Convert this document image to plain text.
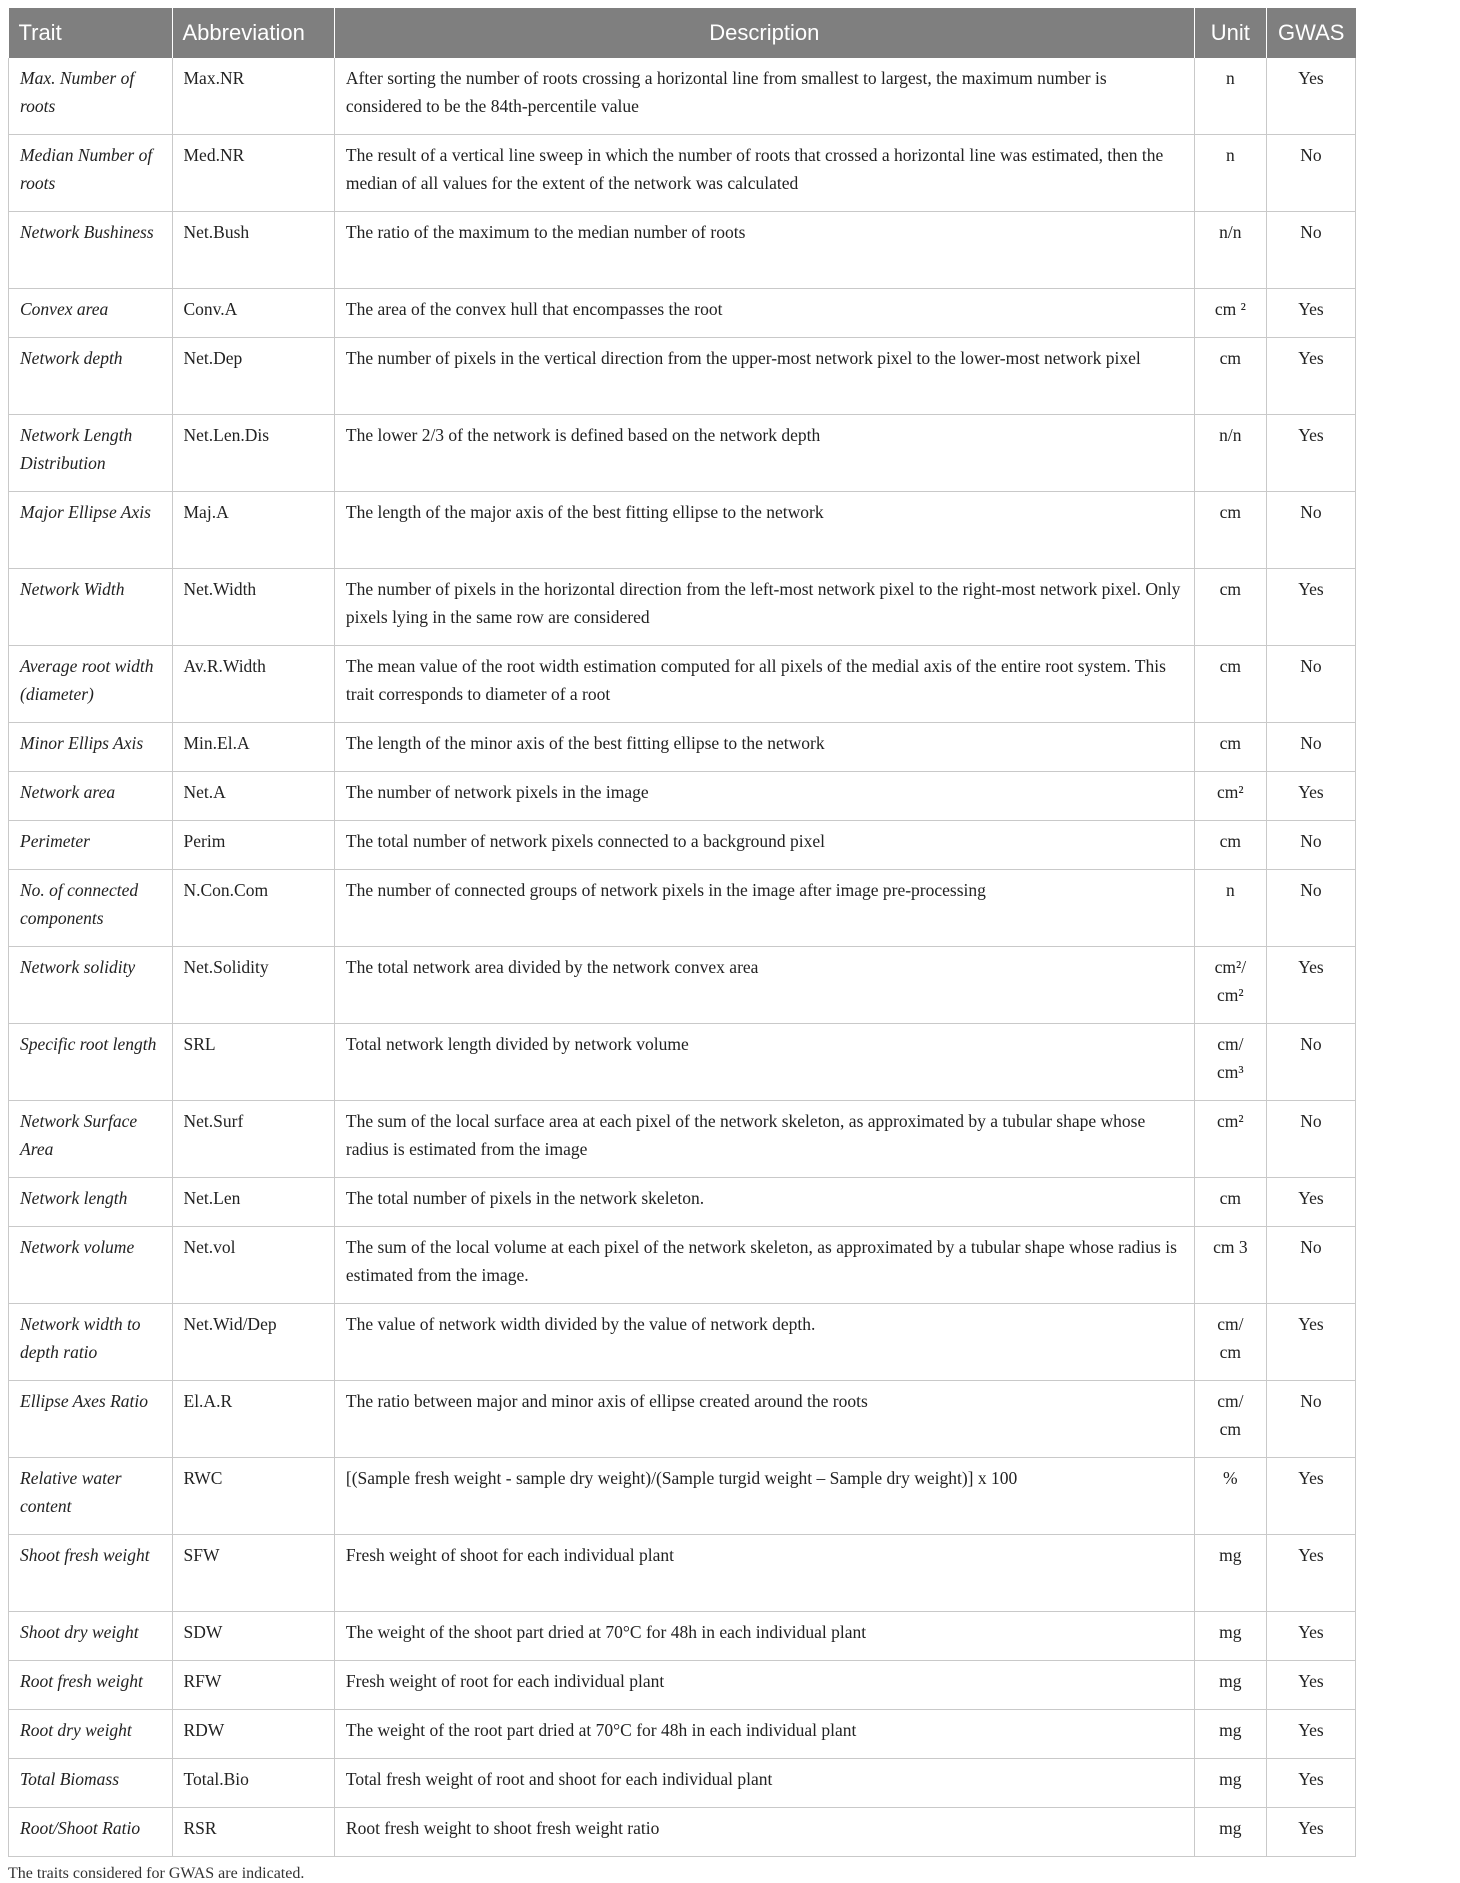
Trait	Abbreviation	Description	Unit	GWAS
Max. Number of roots	Max.NR	After sorting the number of roots crossing a horizontal line from smallest to largest, the maximum number is considered to be the 84th-percentile value	n	Yes
Median Number of roots	Med.NR	The result of a vertical line sweep in which the number of roots that crossed a horizontal line was estimated, then the median of all values for the extent of the network was calculated	n	No
Network Bushiness	Net.Bush	The ratio of the maximum to the median number of roots	n/n	No
Convex area	Conv.A	The area of the convex hull that encompasses the root	cm ²	Yes
Network depth	Net.Dep	The number of pixels in the vertical direction from the upper-most network pixel to the lower-most network pixel	cm	Yes
Network Length Distribution	Net.Len.Dis	The lower 2/3 of the network is defined based on the network depth	n/n	Yes
Major Ellipse Axis	Maj.A	The length of the major axis of the best fitting ellipse to the network	cm	No
Network Width	Net.Width	The number of pixels in the horizontal direction from the left-most network pixel to the right-most network pixel. Only pixels lying in the same row are considered	cm	Yes
Average root width (diameter)	Av.R.Width	The mean value of the root width estimation computed for all pixels of the medial axis of the entire root system. This trait corresponds to diameter of a root	cm	No
Minor Ellips Axis	Min.El.A	The length of the minor axis of the best fitting ellipse to the network	cm	No
Network area	Net.A	The number of network pixels in the image	cm²	Yes
Perimeter	Perim	The total number of network pixels connected to a background pixel	cm	No
No. of connected components	N.Con.Com	The number of connected groups of network pixels in the image after image pre-processing	n	No
Network solidity	Net.Solidity	The total network area divided by the network convex area	cm²/ cm²	Yes
Specific root length	SRL	Total network length divided by network volume	cm/ cm³	No
Network Surface Area	Net.Surf	The sum of the local surface area at each pixel of the network skeleton, as approximated by a tubular shape whose radius is estimated from the image	cm²	No
Network length	Net.Len	The total number of pixels in the network skeleton.	cm	Yes
Network volume	Net.vol	The sum of the local volume at each pixel of the network skeleton, as approximated by a tubular shape whose radius is estimated from the image.	cm 3	No
Network width to depth ratio	Net.Wid/Dep	The value of network width divided by the value of network depth.	cm/ cm	Yes
Ellipse Axes Ratio	El.A.R	The ratio between major and minor axis of ellipse created around the roots	cm/ cm	No
Relative water content	RWC	[(Sample fresh weight - sample dry weight)/(Sample turgid weight – Sample dry weight)] x 100	%	Yes
Shoot fresh weight	SFW	Fresh weight of shoot for each individual plant	mg	Yes
Shoot dry weight	SDW	The weight of the shoot part dried at 70°C for 48h in each individual plant	mg	Yes
Root fresh weight	RFW	Fresh weight of root for each individual plant	mg	Yes
Root dry weight	RDW	The weight of the root part dried at 70°C for 48h in each individual plant	mg	Yes
Total Biomass	Total.Bio	Total fresh weight of root and shoot for each individual plant	mg	Yes
Root/Shoot Ratio	RSR	Root fresh weight to shoot fresh weight ratio	mg	Yes
The traits considered for GWAS are indicated.
